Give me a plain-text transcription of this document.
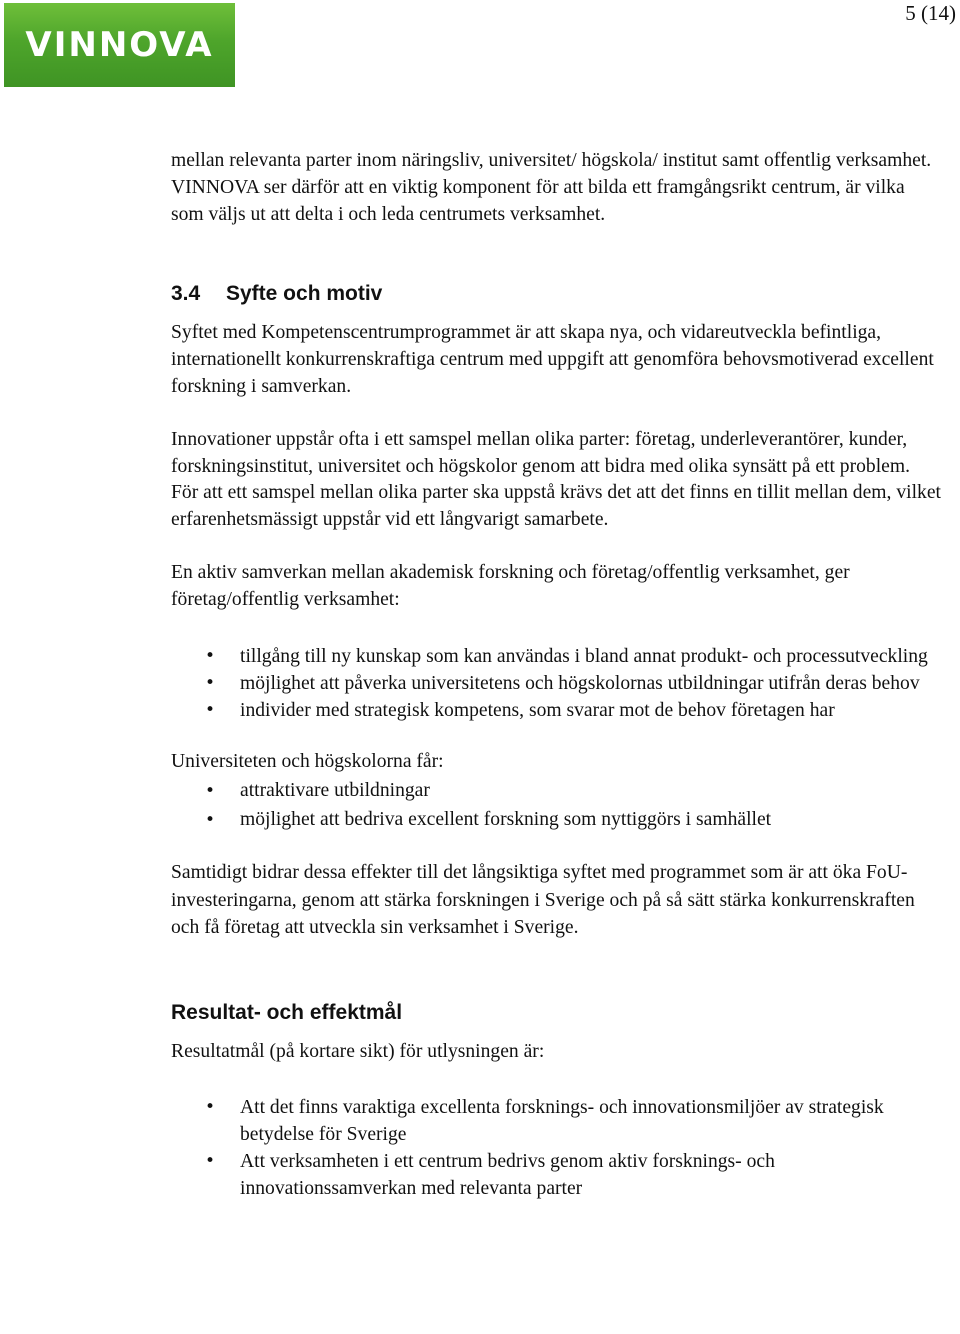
VINNOVA
5 (14)

mellan relevanta parter inom näringsliv, universitet/ högskola/ institut samt offentlig verksamhet. VINNOVA ser därför att en viktig komponent för att bilda ett framgångsrikt centrum, är vilka som väljs ut att delta i och leda centrumets verksamhet.

3.4 Syfte och motiv

Syftet med Kompetenscentrumprogrammet är att skapa nya, och vidareutveckla befintliga, internationellt konkurrenskraftiga centrum med uppgift att genomföra behovsmotiverad excellent forskning i samverkan.

Innovationer uppstår ofta i ett samspel mellan olika parter: företag, underleverantörer, kunder, forskningsinstitut, universitet och högskolor genom att bidra med olika synsätt på ett problem. För att ett samspel mellan olika parter ska uppstå krävs det att det finns en tillit mellan dem, vilket erfarenhetsmässigt uppstår vid ett långvarigt samarbete.

En aktiv samverkan mellan akademisk forskning och företag/offentlig verksamhet, ger företag/offentlig verksamhet:

• tillgång till ny kunskap som kan användas i bland annat produkt- och processutveckling
• möjlighet att påverka universitetens och högskolornas utbildningar utifrån deras behov
• individer med strategisk kompetens, som svarar mot de behov företagen har

Universiteten och högskolorna får:

• attraktivare utbildningar
• möjlighet att bedriva excellent forskning som nyttiggörs i samhället

Samtidigt bidrar dessa effekter till det långsiktiga syftet med programmet som är att öka FoU-investeringarna, genom att stärka forskningen i Sverige och på så sätt stärka konkurrenskraften och få företag att utveckla sin verksamhet i Sverige.

Resultat- och effektmål

Resultatmål (på kortare sikt) för utlysningen är:

• Att det finns varaktiga excellenta forsknings- och innovationsmiljöer av strategisk betydelse för Sverige
• Att verksamheten i ett centrum bedrivs genom aktiv forsknings- och innovationssamverkan med relevanta parter
